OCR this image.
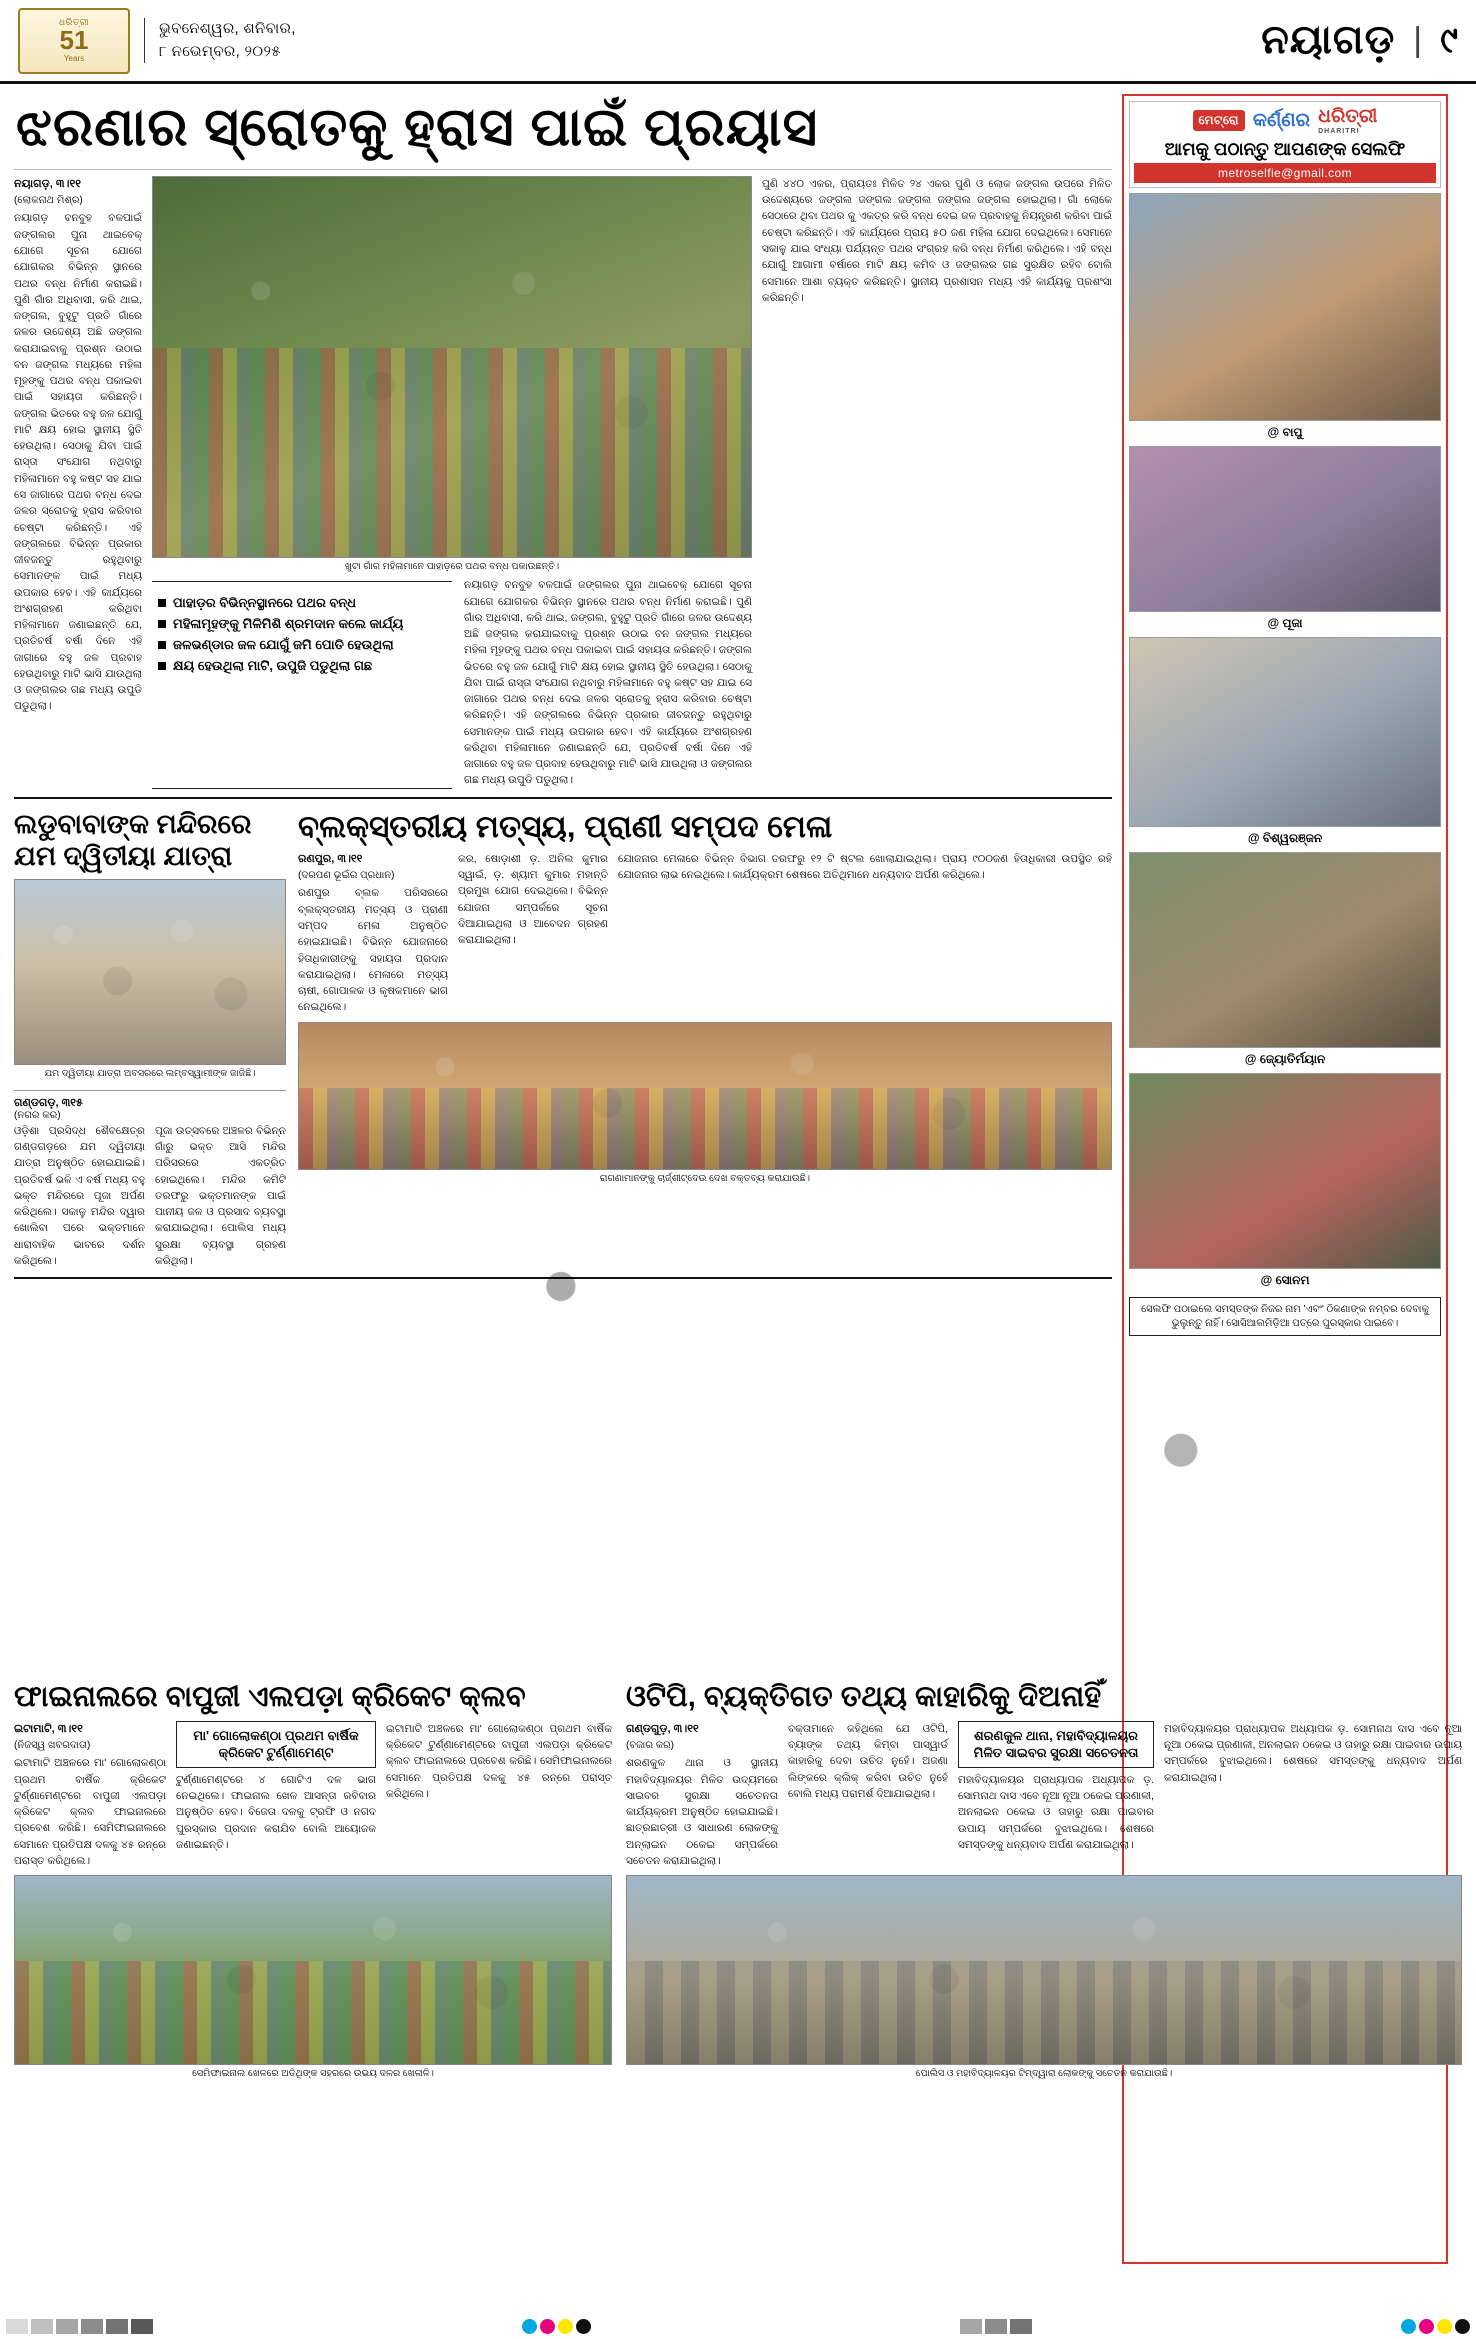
ଧରିତ୍ରୀ
51
Years
ଭୁବନେଶ୍ୱର, ଶନିବାର,
୮ ନଭେମ୍ବର, ୨୦୨୫	ନୟାଗଡ଼ | ୯
ଝରଣାର ସ୍ରୋତକୁ ହ୍ରାସ ପାଇଁ ପ୍ରୟାସ
ନୟାଗଡ଼, ୩।୧୧
(ଲୋକନାଥ ମିଶ୍ର)
ନୟାଗଡ଼ ବନବୁହ ବଳପାଇଁ ଜଙ୍ଗଲର ପୁନା ଥାଇବେକ୍ ଯୋଗେ ସୂଚନା ଯୋଗେ ଯୋଗକର ବିଭିନ୍ନ ସ୍ଥାନରେ ପଥର ବନ୍ଧ ନିର୍ମାଣ କରାଇଛି। ପୁଣି ଗାଁର ଅଧିବାସୀ, କରି ଥାଇ, ଜଙ୍ଗଲ, ବୁହୁଟୁ ପ୍ରତି ଗାଁରେ ଜଳର ଉଦ୍ଦେଶ୍ୟ ଅଛି ଜଙ୍ଗଲ କରାଯାଇବାକୁ ପ୍ରଶ୍ନ ଉଠାଇ ବନ ଜଙ୍ଗଲ ମଧ୍ୟରେ ମହିଳା ମୂହଙ୍କୁ ପଥର ବନ୍ଧ ପକାଇବା ପାଇଁ ସହାୟତା କରିଛନ୍ତି। ଜଙ୍ଗଲ ଭିତରେ ବହୁ ଜଳ ଯୋଗୁଁ ମାଟି କ୍ଷୟ ହୋଇ ସ୍ଥାନୀୟ ସ୍ଥିତି ହେଉଥିଲା। ସେଠାକୁ ଯିବା ପାଇଁ ରାସ୍ତା ସଂଯୋଗ ନଥିବାରୁ ମହିଳାମାନେ ବହୁ କଷ୍ଟ ସହ ଯାଇ ସେ ଜାଗାରେ ପଥର ବନ୍ଧ ଦେଇ ଜଳର ସ୍ରୋତକୁ ହ୍ରାସ କରିବାର ଚେଷ୍ଟା କରିଛନ୍ତି। ଏହି ଜଙ୍ଗଲରେ ବିଭିନ୍ନ ପ୍ରକାର ଜୀବଜନ୍ତୁ ରହୁଥିବାରୁ ସେମାନଙ୍କ ପାଇଁ ମଧ୍ୟ ଉପକାର ହେବ। ଏହି କାର୍ଯ୍ୟରେ ଅଂଶଗ୍ରହଣ କରିଥିବା ମହିଳାମାନେ ଜଣାଇଛନ୍ତି ଯେ, ପ୍ରତିବର୍ଷ ବର୍ଷା ଦିନେ ଏହି ଜାଗାରେ ବହୁ ଜଳ ପ୍ରବାହ ହେଉଥିବାରୁ ମାଟି ଭାସି ଯାଉଥିଲା ଓ ଜଙ୍ଗଲର ଗଛ ମଧ୍ୟ ଉପୁଡି ପଡୁଥିଲା।
ଖୁଟା ଗାଁର ମହିଳାମାନେ ପାହାଡ଼ରେ ପଥର ବନ୍ଧ ପକାଉଛନ୍ତି।
ପାହାଡ଼ର ବିଭିନ୍ନସ୍ଥାନରେ ପଥର ବନ୍ଧ
ମହିଳାମୂହଙ୍କୁ ମିଳିମିଶି ଶ୍ରମଦାନ କଲେ କାର୍ଯ୍ୟ
ଜଳଭଣ୍ଡାର ଜଳ ଯୋଗୁଁ ଜମି ପୋତି ହେଉଥିଲା
କ୍ଷୟ ହେଉଥିଲା ମାଟି, ଉପୁଜି ପଡୁଥିଲା ଗଛ
ନୟାଗଡ଼ ବନବୁହ ବଳପାଇଁ ଜଙ୍ଗଲର ପୁନା ଥାଇବେକ୍ ଯୋଗେ ସୂଚନା ଯୋଗେ ଯୋଗକର ବିଭିନ୍ନ ସ୍ଥାନରେ ପଥର ବନ୍ଧ ନିର୍ମାଣ କରାଇଛି। ପୁଣି ଗାଁର ଅଧିବାସୀ, କରି ଥାଇ, ଜଙ୍ଗଲ, ବୁହୁଟୁ ପ୍ରତି ଗାଁରେ ଜଳର ଉଦ୍ଦେଶ୍ୟ ଅଛି ଜଙ୍ଗଲ କରାଯାଇବାକୁ ପ୍ରଶ୍ନ ଉଠାଇ ବନ ଜଙ୍ଗଲ ମଧ୍ୟରେ ମହିଳା ମୂହଙ୍କୁ ପଥର ବନ୍ଧ ପକାଇବା ପାଇଁ ସହାୟତା କରିଛନ୍ତି। ଜଙ୍ଗଲ ଭିତରେ ବହୁ ଜଳ ଯୋଗୁଁ ମାଟି କ୍ଷୟ ହୋଇ ସ୍ଥାନୀୟ ସ୍ଥିତି ହେଉଥିଲା। ସେଠାକୁ ଯିବା ପାଇଁ ରାସ୍ତା ସଂଯୋଗ ନଥିବାରୁ ମହିଳାମାନେ ବହୁ କଷ୍ଟ ସହ ଯାଇ ସେ ଜାଗାରେ ପଥର ବନ୍ଧ ଦେଇ ଜଳର ସ୍ରୋତକୁ ହ୍ରାସ କରିବାର ଚେଷ୍ଟା କରିଛନ୍ତି। ଏହି ଜଙ୍ଗଲରେ ବିଭିନ୍ନ ପ୍ରକାର ଜୀବଜନ୍ତୁ ରହୁଥିବାରୁ ସେମାନଙ୍କ ପାଇଁ ମଧ୍ୟ ଉପକାର ହେବ। ଏହି କାର୍ଯ୍ୟରେ ଅଂଶଗ୍ରହଣ କରିଥିବା ମହିଳାମାନେ ଜଣାଇଛନ୍ତି ଯେ, ପ୍ରତିବର୍ଷ ବର୍ଷା ଦିନେ ଏହି ଜାଗାରେ ବହୁ ଜଳ ପ୍ରବାହ ହେଉଥିବାରୁ ମାଟି ଭାସି ଯାଉଥିଲା ଓ ଜଙ୍ଗଲର ଗଛ ମଧ୍ୟ ଉପୁଡି ପଡୁଥିଲା।
ପୁଣି ୪୪୦ ଏକର, ପ୍ରାୟତଃ ମିଳିତ ୨୪ ଏକର ପୁଣି ଓ ଲୋକ ଜଙ୍ଗଲ ଉପରେ ମିଳିତ ଉଦ୍ଦେଶ୍ୟରେ ଜଙ୍ଗଲ ଜଙ୍ଗଲ ଜଙ୍ଗଲ ଜଙ୍ଗଲ ଜଙ୍ଗଲ ହୋଇଥିଲା। ଗାଁ ଲୋକେ ସେଠାରେ ଥିବା ପଥର କୁ ଏକତ୍ର କରି ବନ୍ଧ ଦେଇ ଜଳ ପ୍ରବାହକୁ ନିୟନ୍ତ୍ରଣ କରିବା ପାଇଁ ଚେଷ୍ଟା କରିଛନ୍ତି। ଏହି କାର୍ଯ୍ୟରେ ପ୍ରାୟ ୫୦ ଜଣ ମହିଳା ଯୋଗ ଦେଇଥିଲେ। ସେମାନେ ସକାଳୁ ଯାଇ ସଂଧ୍ୟା ପର୍ଯ୍ୟନ୍ତ ପଥର ସଂଗ୍ରହ କରି ବନ୍ଧ ନିର୍ମାଣ କରିଥିଲେ। ଏହି ବନ୍ଧ ଯୋଗୁଁ ଆଗାମୀ ବର୍ଷାରେ ମାଟି କ୍ଷୟ କମିବ ଓ ଜଙ୍ଗଲର ଗଛ ସୁରକ୍ଷିତ ରହିବ ବୋଲି ସେମାନେ ଆଶା ବ୍ୟକ୍ତ କରିଛନ୍ତି। ସ୍ଥାନୀୟ ପ୍ରଶାସନ ମଧ୍ୟ ଏହି କାର୍ଯ୍ୟକୁ ପ୍ରଶଂସା କରିଛନ୍ତି।
ଲଡୁବାବାଙ୍କ ମନ୍ଦିରରେ ଯମ ଦ୍ୱିତୀୟା ଯାତ୍ରା
ଯମ ଦ୍ୱିତୀୟା ଯାତ୍ରା ଅବସରରେ ଲମ୍ବସ୍ୱାମୀଙ୍କ ଜାଜିଛି।
ଗଣ୍ଡଗଡ଼, ୩୧୫
(ନଗର କର)
ଓଡ଼ିଶା ପ୍ରସିଦ୍ଧ ଶୈବକ୍ଷେତ୍ର ଗଣ୍ଡଗଡ଼ରେ ଯମ ଦ୍ୱିତୀୟା ଯାତ୍ରା ଅନୁଷ୍ଠିତ ହୋଇଯାଇଛି। ପ୍ରତିବର୍ଷ ଭଳି ଏ ବର୍ଷ ମଧ୍ୟ ବହୁ ଭକ୍ତ ମନ୍ଦିରରେ ପୂଜା ଅର୍ପଣ କରିଥିଲେ। ସକାଳୁ ମନ୍ଦିର ଦ୍ୱାର ଖୋଲିବା ପରେ ଭକ୍ତମାନେ ଧାରାବାହିକ ଭାବରେ ଦର୍ଶନ କରିଥିଲେ।
ପୂଜା ଉତ୍ସବରେ ଅଞ୍ଚଳର ବିଭିନ୍ନ ଗାଁରୁ ଭକ୍ତ ଆସି ମନ୍ଦିର ପରିସରରେ ଏକତ୍ରିତ ହୋଇଥିଲେ। ମନ୍ଦିର କମିଟି ତରଫରୁ ଭକ୍ତମାନଙ୍କ ପାଇଁ ପାନୀୟ ଜଳ ଓ ପ୍ରସାଦ ବ୍ୟବସ୍ଥା କରାଯାଇଥିଲା। ପୋଲିସ ମଧ୍ୟ ସୁରକ୍ଷା ବ୍ୟବସ୍ଥା ଗ୍ରହଣ କରିଥିଲା।
ବ୍ଲକ୍‌ସ୍ତରୀୟ ମତ୍ସ୍ୟ, ପ୍ରାଣୀ ସମ୍ପଦ ମେଳା
ରଣପୁର, ୩।୧୧
(ଦରପଣ ଭୂଇଁର ପ୍ରଧାନ)
ରଣପୁର ବ୍ଲକ ପରିସରରେ ବ୍ଲକ୍‌ସ୍ତରୀୟ ମତ୍ସ୍ୟ ଓ ପ୍ରାଣୀ ସମ୍ପଦ ମେଳା ଅନୁଷ୍ଠିତ ହୋଇଯାଇଛି। ବିଭିନ୍ନ ଯୋଜନାରେ ହିତାଧିକାରୀଙ୍କୁ ସହାୟତା ପ୍ରଦାନ କରାଯାଇଥିଲା। ମେଳାରେ ମତ୍ସ୍ୟ ଚାଷୀ, ଗୋପାଳକ ଓ କୃଷକମାନେ ଭାଗ ନେଇଥିଲେ।
କର, ଷୋଡ଼ାଶୀ ଡ଼. ଅନିଲ କୁମାର ସ୍ୱାଇଁ, ଡ଼. ଶ୍ୟାମ କୁମାର ମହାନ୍ତି ପ୍ରମୁଖ ଯୋଗ ଦେଇଥିଲେ। ବିଭିନ୍ନ ଯୋଜନା ସମ୍ପର୍କରେ ସୂଚନା ଦିଆଯାଇଥିଲା ଓ ଆବେଦନ ଗ୍ରହଣ କରାଯାଇଥିଲା।
ଯୋଜନାର ମେଳାରେ ବିଭିନ୍ନ ବିଭାଗ ତରଫରୁ ୧୨ ଟି ଷ୍ଟଲ ଖୋଲାଯାଇଥିଲା। ପ୍ରାୟ ୯୦୦ଜଣ ହିତାଧିକାରୀ ଉପସ୍ଥିତ ରହି ଯୋଜନାର ଲାଭ ନେଇଥିଲେ। କାର୍ଯ୍ୟକ୍ରମ ଶେଷରେ ଅତିଥିମାନେ ଧନ୍ୟବାଦ ଅର୍ପଣ କରିଥିଲେ।
ରାଗଣାମାନଙ୍କୁ ଚାର୍ଜ୍‌ଶୀଟ୍‌ଦେଉ ଦେଖ ବକ୍ତବ୍ୟ କରାଯାଉଛି।
ମେଟ୍ରୋ କର୍ଣ୍ଣର ଧରିତ୍ରୀ
DHARITRI
ଆମକୁ ପଠାନ୍ତୁ ଆପଣଙ୍କ ସେଲଫି
metroselfie@gmail.com
@ ବାପୁ
@ ପୂଜା
@ ବିଶ୍ୱରଞ୍ଜନ
@ ଜ୍ୟୋତିର୍ମୟାନ
@ ସୋନମ
ସେଲଫି ପଠାଇଲେ ସମସ୍ତଙ୍କ ନିଜର ନାମ 'ଏବଂ' ଠିକଣାଙ୍କ ନମ୍ବର ଦେବାକୁ ଭୁଲୁନ୍ତୁ ନାହିଁ। ସୋସିଆଲମିଡ଼ିଆ ପତ୍ରେ ପୁରସ୍କାର ପାଇବେ।
ଫାଇନାଲରେ ବାପୁଜୀ ଏଲପଡ଼ା କ୍ରିକେଟ କ୍ଲବ
ଇଟାମାଟି, ୩।୧୧
(ନିଜସ୍ୱ ଖବରଦାତା)
ଇଟାମାଟି ଅଞ୍ଚଳରେ ମା' ଗୋଲୋକଣ୍ଠା ପ୍ରଥମ ବାର୍ଷିକ କ୍ରିକେଟ ଟୁର୍ଣ୍ଣାମେଣ୍ଟରେ ବାପୁଜୀ ଏଲପଡ଼ା କ୍ରିକେଟ କ୍ଲବ ଫାଇନାଲରେ ପ୍ରବେଶ କରିଛି। ସେମିଫାଇନାଲରେ ସେମାନେ ପ୍ରତିପକ୍ଷ ଦଳକୁ ୪୫ ରନ୍‌ରେ ପରାସ୍ତ କରିଥିଲେ।
ମା' ଗୋଲୋକଣ୍ଠା ପ୍ରଥମ ବାର୍ଷିକ କ୍ରିକେଟ ଟୁର୍ଣ୍ଣାମେଣ୍ଟ
ଟୁର୍ଣ୍ଣାମେଣ୍ଟରେ ୪ ଗୋଟିଏ ଦଳ ଭାଗ ନେଇଥିଲେ। ଫାଇନାଲ ଖେଳ ଆସନ୍ତା ରବିବାର ଅନୁଷ୍ଠିତ ହେବ। ବିଜେତା ଦଳକୁ ଟ୍ରଫି ଓ ନଗଦ ପୁରସ୍କାର ପ୍ରଦାନ କରାଯିବ ବୋଲି ଆୟୋଜକ ଜଣାଇଛନ୍ତି।
ଇଟାମାଟି ଅଞ୍ଚଳରେ ମା' ଗୋଲୋକଣ୍ଠା ପ୍ରଥମ ବାର୍ଷିକ କ୍ରିକେଟ ଟୁର୍ଣ୍ଣାମେଣ୍ଟରେ ବାପୁଜୀ ଏଲପଡ଼ା କ୍ରିକେଟ କ୍ଲବ ଫାଇନାଲରେ ପ୍ରବେଶ କରିଛି। ସେମିଫାଇନାଲରେ ସେମାନେ ପ୍ରତିପକ୍ଷ ଦଳକୁ ୪୫ ରନ୍‌ରେ ପରାସ୍ତ କରିଥିଲେ।
ସେମିଫାଇନାଲ ଖେଳରେ ଅତିଥିଙ୍କ ସହରରେ ଉଭୟ ଦଳର ଖେଳାଳି।
ଓଟିପି, ବ୍ୟକ୍ତିଗତ ତଥ୍ୟ କାହାରିକୁ ଦିଅନାହିଁ
ଗଣ୍ଡଗୁଡ଼, ୩।୧୧
(ବଜାର କର)
ଶରଣକୁଳ ଥାନା ଓ ସ୍ଥାନୀୟ ମହାବିଦ୍ୟାଳୟର ମିଳିତ ଉଦ୍ୟମରେ ସାଇବର ସୁରକ୍ଷା ସଚେତନତା କାର୍ଯ୍ୟକ୍ରମ ଅନୁଷ୍ଠିତ ହୋଇଯାଇଛି। ଛାତ୍ରଛାତ୍ରୀ ଓ ସାଧାରଣ ଲୋକଙ୍କୁ ଅନ୍‌ଲାଇନ ଠକେଇ ସମ୍ପର୍କରେ ସଚେତନ କରାଯାଇଥିଲା।
ବକ୍ତାମାନେ କହିଥିଲେ ଯେ ଓଟିପି, ବ୍ୟାଙ୍କ ତଥ୍ୟ କିମ୍ବା ପାସ୍‌ୱାର୍ଡ କାହାରିକୁ ଦେବା ଉଚିତ ନୁହେଁ। ଅଜଣା ଲିଙ୍କରେ କ୍ଲିକ୍ କରିବା ଉଚିତ ନୁହେଁ ବୋଲି ମଧ୍ୟ ପରାମର୍ଶ ଦିଆଯାଇଥିଲା।
ଶରଣକୁଳ ଥାନା, ମହାବିଦ୍ୟାଳୟର ମିଳିତ ସାଇବର ସୁରକ୍ଷା ସଚେତନତା
ମହାବିଦ୍ୟାଳୟର ପ୍ରାଧ୍ୟାପକ ଅଧ୍ୟାପକ ଡ଼. ସୋମନାଥ ଦାସ ଏବେ ନୂଆ ନୂଆ ଠକେଇ ପ୍ରଣାଳୀ, ଅନଲାଇନ ଠକେଇ ଓ ତାହାରୁ ରକ୍ଷା ପାଇବାର ଉପାୟ ସମ୍ପର୍କରେ ବୁଝାଇଥିଲେ। ଶେଷରେ ସମସ୍ତଙ୍କୁ ଧନ୍ୟବାଦ ଅର୍ପଣ କରାଯାଇଥିଲା।
ମହାବିଦ୍ୟାଳୟର ପ୍ରାଧ୍ୟାପକ ଅଧ୍ୟାପକ ଡ଼. ସୋମନାଥ ଦାସ ଏବେ ନୂଆ ନୂଆ ଠକେଇ ପ୍ରଣାଳୀ, ଅନଲାଇନ ଠକେଇ ଓ ତାହାରୁ ରକ୍ଷା ପାଇବାର ଉପାୟ ସମ୍ପର୍କରେ ବୁଝାଇଥିଲେ। ଶେଷରେ ସମସ୍ତଙ୍କୁ ଧନ୍ୟବାଦ ଅର୍ପଣ କରାଯାଇଥିଲା।
ପୋଲିସ ଓ ମହାବିଦ୍ୟାଳୟର ଟିମ୍‌ଦ୍ୱାରା ଲୋକଙ୍କୁ ସଚେତନ କରାଯାଉଛି।
